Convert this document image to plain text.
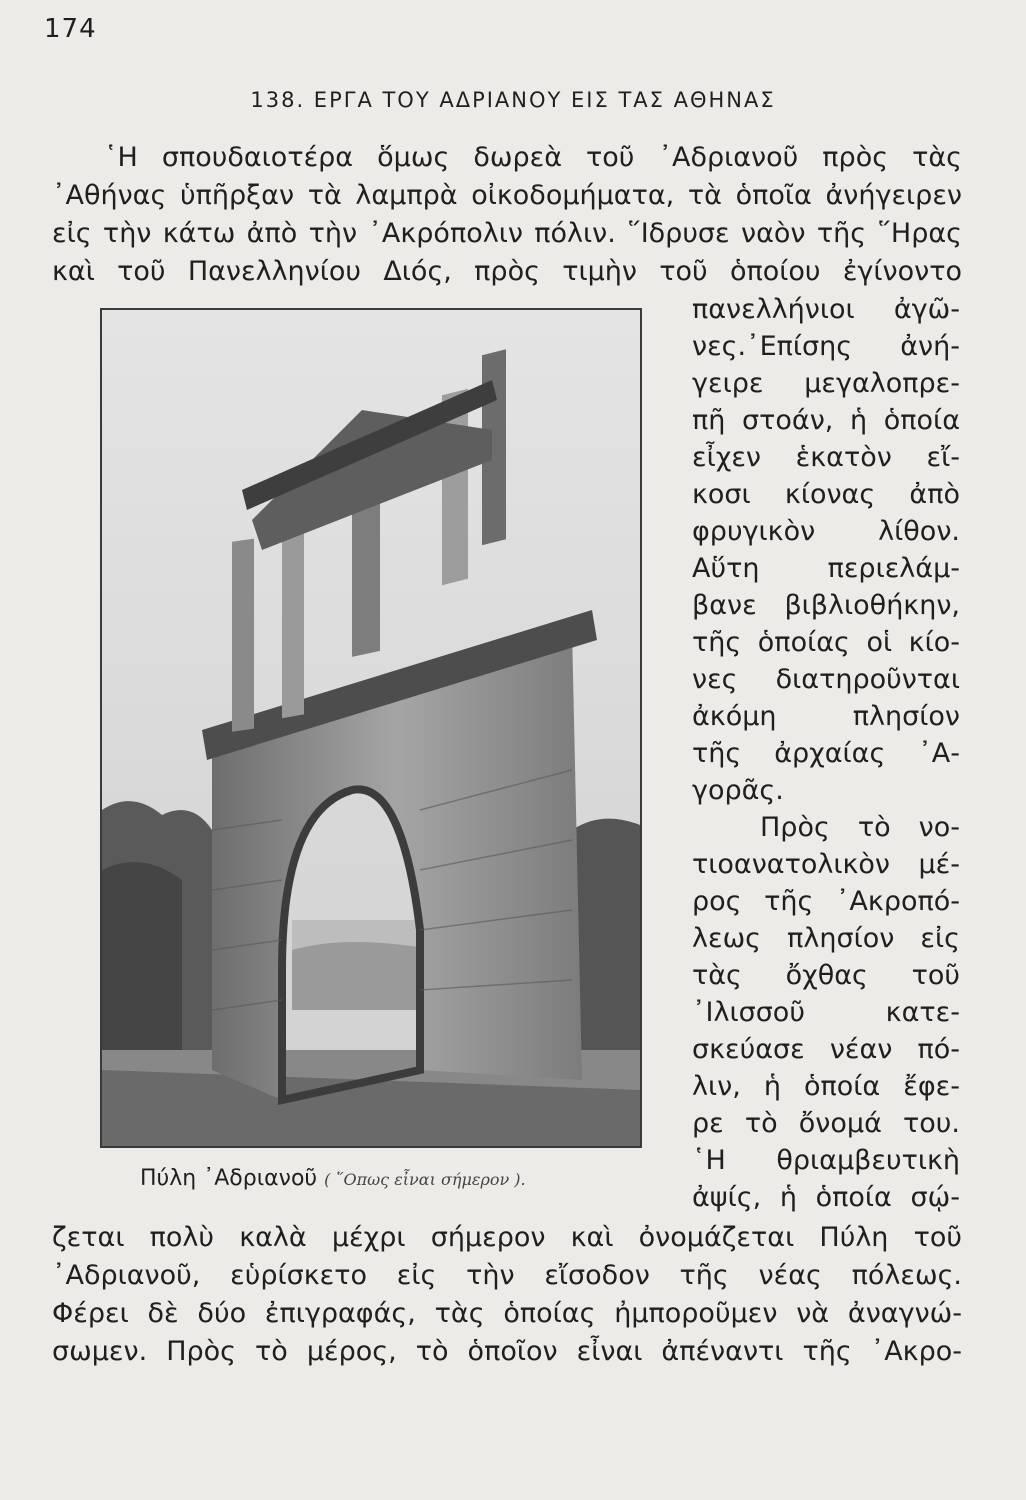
174
138. ΕΡΓΑ ΤΟΥ ΑΔΡΙΑΝΟΥ ΕΙΣ ΤΑΣ ΑΘΗΝΑΣ
῾Η σπουδαιοτέρα ὅμως δωρεὰ τοῦ ᾿Αδριανοῦ πρὸς τὰς
᾿Αθήνας ὑπῆρξαν τὰ λαμπρὰ οἰκοδομήματα, τὰ ὁποῖα ἀνήγειρεν
εἰς τὴν κάτω ἀπὸ τὴν ᾿Ακρόπολιν πόλιν. ῞Ιδρυσε ναὸν τῆς ῞Ηρας
καὶ τοῦ Πανελληνίου Διός, πρὸς τιμὴν τοῦ ὁποίου ἐγίνοντο
πανελλήνιοι ἀγῶ-
νες.᾿Επίσης ἀνή-
γειρε μεγαλοπρε-
πῆ στοάν, ἡ ὁποία
εἶχεν ἑκατὸν εἴ-
κοσι κίονας ἀπὸ
φρυγικὸν λίθον.
Αὕτη περιελάμ-
βανε βιβλιοθήκην,
τῆς ὁποίας οἱ κίο-
νες διατηροῦνται
ἀκόμη πλησίον
τῆς ἀρχαίας ᾿Α-
γορᾶς.
Πρὸς τὸ νο-
τιοανατολικὸν μέ-
ρος τῆς ᾿Ακροπό-
λεως πλησίον εἰς
τὰς ὄχθας τοῦ
᾿Ιλισσοῦ κατε-
σκεύασε νέαν πό-
λιν, ἡ ὁποία ἔφε-
ρε τὸ ὄνομά του.
῾Η θριαμβευτικὴ
ἀψίς, ἡ ὁποία σῴ-
ζεται πολὺ καλὰ μέχρι σήμερον καὶ ὀνομάζεται Πύλη τοῦ
᾿Αδριανοῦ, εὑρίσκετο εἰς τὴν εἴσοδον τῆς νέας πόλεως.
Φέρει δὲ δύο ἐπιγραφάς, τὰς ὁποίας ἠμποροῦμεν νὰ ἀναγνώ-
σωμεν. Πρὸς τὸ μέρος, τὸ ὁποῖον εἶναι ἀπέναντι τῆς ᾿Ακρο-
Πύλη ᾿Αδριανοῦ ( ῞Οπως εἶναι σήμερον ).
